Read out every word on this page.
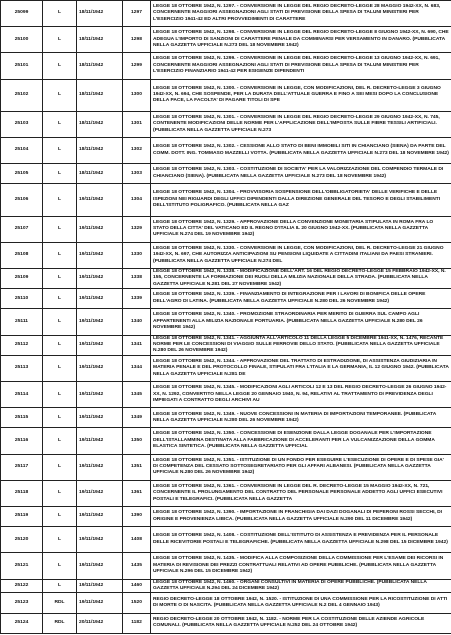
25099	L	18/11/1942	1297	LEGGE 18 OTTOBRE 1942, N. 1297. - CONVERSIONE IN LEGGE DEL REGIO DECRETO-LEGGE 28 MAGGIO 1942-XX, N. 683, CONCERNENTE MAGGIORI ASSEGNAZIONI AGLI STATI DI PREVISIONE DELLA SPESA DI TALUNI MINISTERI PER L'ESERCIZIO 1941-42 ED ALTRI PROVVEDIMENTI DI CARATTERE
25100	L	18/11/1942	1298	LEGGE 18 OTTOBRE 1942, N. 1298. - CONVERSIONE IN LEGGE DEL REGIO DECRETO-LEGGE 8 GIUGNO 1942-XX, N. 690, CHE ADEGUA L'IMPORTO DI SANZIONI DI CARATTERE PENALE DA COMMINARSI PER VERSAMENTO IN DANARO. (PUBBLICATA NELLA GAZZETTA UFFICIALE N.273 DEL 18 NOVEMBRE 1942)
25101	L	18/11/1942	1299	LEGGE 18 OTTOBRE 1942, N. 1299. - CONVERSIONE IN LEGGE DEL REGIO DECRETO-LEGGE 13 GIUGNO 1942-XX, N. 691, CONCERNENTE MAGGIORI ASSEGNAZIONI AGLI STATI DI PREVISIONE DELLA SPESA DI TALUNI MINISTERI PER L'ESERCIZIO FINANZIARIO 1941-42 PER ESIGENZE DIPENDENTI
25102	L	18/11/1942	1300	LEGGE 18 OTTOBRE 1942, N. 1300. - CONVERSIONE IN LEGGE, CON MODIFICAZIONI, DEL R. DECRETO-LEGGE 3 GIUGNO 1942-XX, N. 694, CHE SOSPENDE, PER LA DURATA DELL'ATTUALE GUERRA E FINO A SEI MESI DOPO LA CONCLUSIONE DELLA PACE, LA FACOLTA' DI PAGARE TITOLI DI SPE
25103	L	18/11/1942	1301	LEGGE 18 OTTOBRE 1942, N. 1301. - CONVERSIONE IN LEGGE DEL REGIO DECRETO-LEGGE 29 GIUGNO 1942-XX, N. 745, CONTENENTE MODIFICAZIONI DELLE NORME PER L'APPLICAZIONE DELL'IMPOSTA SULLE FIBRE TESSILI ARTIFICIALI. (PUBBLICATA NELLA GAZZETTA UFFICIALE N.273
25104	L	18/11/1942	1302	LEGGE 18 OTTOBRE 1942, N. 1302. - CESSIONE ALLO STATO DI BENI IMMOBILI SITI IN CHIANCIANO (SIENA) DA PARTE DEL COMM. DOTT. ING. TOMMASO MAZZELLI VOTTA. (PUBBLICATA NELLA GAZZETTA UFFICIALE N.273 DEL 18 NOVEMBRE 1942)
25105	L	18/11/1942	1303	LEGGE 18 OTTOBRE 1942, N. 1303. - COSTITUZIONE DI SOCIETA' PER LA VALORIZZAZIONE DEL COMPENDIO TERMALE DI CHIANCIANO (SIENA). (PUBBLICATA NELLA GAZZETTA UFFICIALE N.273 DEL 18 NOVEMBRE 1942)
25106	L	19/11/1942	1304	LEGGE 18 OTTOBRE 1942, N. 1304. - PROVVISORIA SOSPENSIONE DELL'OBBLIGATORIETA' DELLE VERIFICHE E DELLE ISPEZIONI NEI RIGUARDI DEGLI UFFICI DIPENDENTI DALLA DIREZIONE GENERALE DEL TESORO E DEGLI STABILIMENTI DELL'ISTITUTO POLIGRAFICO. (PUBBLICATA NELLA GAZ
25107	L	19/11/1942	1329	LEGGE 18 OTTOBRE 1942, N. 1329. - APPROVAZIONE DELLA CONVENZIONE MONETARIA STIPULATA IN ROMA FRA LO STATO DELLA CITTA' DEL VATICANO ED IL REGNO D'ITALIA IL 20 GIUGNO 1942-XX. (PUBBLICATA NELLA GAZZETTA UFFICIALE N.274 DEL 19 NOVEMBRE 1942)
25108	L	19/11/1942	1330	LEGGE 18 OTTOBRE 1942, N. 1330. - CONVERSIONE IN LEGGE, CON MODIFICAZIONI, DEL R. DECRETO-LEGGE 21 GIUGNO 1942-XX, N. 697, CHE AUTORIZZA ANTICIPAZIONI SU PENSIONI LIQUIDATE A CITTADINI ITALIANI DA PAESI STRANIERI. (PUBBLICATA NELLA GAZZETTA UFFICIALE N.274 DEL
25109	L	19/11/1942	1338	LEGGE 18 OTTOBRE 1942, N. 1338. - MODIFICAZIONE DELL'ART. 16 DEL REGIO DECRETO-LEGGE 15 FEBBRAIO 1942-XX, N. 155, CONCERNENTE LA FORMAZIONE DEI RUOLI DELLA MILIZIA NAZIONALE DELLA STRADA. (PUBBLICATA NELLA GAZZETTA UFFICIALE N.281 DEL 27 NOVEMBRE 1942)
25110	L	19/11/1942	1339	LEGGE 18 OTTOBRE 1942, N. 1339. - FINANZIAMENTO DI INTEGRAZIONE PER I LAVORI DI BONIFICA DELLE OPERE DELL'AGRO DI LATINA. (PUBBLICATA NELLA GAZZETTA UFFICIALE N.280 DEL 26 NOVEMBRE 1942)
25111	L	19/11/1942	1340	LEGGE 18 OTTOBRE 1942, N. 1340. - PROMOZIONE STRAORDINARIA PER MERITO DI GUERRA SUL CAMPO AGLI APPARTENENTI ALLA MILIZIA NAZIONALE PORTUARIA. (PUBBLICATA NELLA GAZZETTA UFFICIALE N.280 DEL 26 NOVEMBRE 1942)
25112	L	19/11/1942	1341	LEGGE 18 OTTOBRE 1942, N. 1341. - AGGIUNTA ALL'ARTICOLO 11 DELLA LEGGE 5 DICEMBRE 1941-XX, N. 1476, RECANTE NORME PER LE CONCESSIONI DI VIAGGIO SULLE FERROVIE DELLO STATO. (PUBBLICATA NELLA GAZZETTA UFFICIALE N.280 DEL 26 NOVEMBRE 1942)
25113	L	19/11/1942	1344	LEGGE 18 OTTOBRE 1942, N. 1344. - APPROVAZIONE DEL TRATTATO DI ESTRADIZIONE, DI ASSISTENZA GIUDIZIARIA IN MATERIA PENALE E DEL PROTOCOLLO FINALE, STIPULATI FRA L'ITALIA E LA GERMANIA, IL 12 GIUGNO 1942. (PUBBLICATA NELLA GAZZETTA UFFICIALE N.281 DE
25114	L	19/11/1942	1345	LEGGE 18 OTTOBRE 1942, N. 1345. - MODIFICAZIONI AGLI ARTICOLI 12 E 13 DEL REGIO DECRETO-LEGGE 26 GIUGNO 1942-XX, N. 1292, CONVERTITO NELLA LEGGE 20 GENNAIO 1940, N. 94, RELATIVI AL TRATTAMENTO DI PREVIDENZA DEGLI IMPIEGATI A CONTRATTO DEGLI ARCHIVI AU
25115	L	19/11/1942	1349	LEGGE 18 OTTOBRE 1942, N. 1349. - NUOVE CONCESSIONI IN MATERIA DI IMPORTAZIONI TEMPORANEE. (PUBBLICATA NELLA GAZZETTA UFFICIALE N.280 DEL 26 NOVEMBRE 1942)
25116	L	19/11/1942	1350	LEGGE 18 OTTOBRE 1942, N. 1350. - CONCESSIONE DI ESENZIONE DALLA LEGGE DOGANALE PER L'IMPORTAZIONE DELL'ISTALLAMMINA DESTINATA ALLA FABBRICAZIONE DI ACCELERANTI PER LA VULCANIZZAZIONE DELLA GOMMA ELASTICA SINTETICA. (PUBBLICATA NELLA GAZZETTA UFFICIAL
25117	L	19/11/1942	1351	LEGGE 18 OTTOBRE 1942, N. 1351. - ISTITUZIONE DI UN FONDO PER ESEGUIRE L'ESECUZIONE DI OPERE E DI SPESE GIA' DI COMPETENZA DEL CESSATO SOTTOSEGRETARIATO PER GLI AFFARI ALBANESI. (PUBBLICATA NELLA GAZZETTA UFFICIALE N.280 DEL 26 NOVEMBRE 1942)
25118	L	19/11/1942	1361	LEGGE 18 OTTOBRE 1942, N. 1361. - CONVERSIONE IN LEGGE DEL R. DECRETO-LEGGE 15 MAGGIO 1942-XX, N. 721, CONCERNENTE IL PROLUNGAMENTO DEL CONTRATTO DEL PERSONALE PERSONALE ADDETTO AGLI UFFICI ESECUTIVI POSTALI E TELEGRAFICI. (PUBBLICATA NELLA GAZZETTA
25119	L	19/11/1942	1390	LEGGE 18 OTTOBRE 1942, N. 1390. - IMPORTAZIONE IN FRANCHIGIA DAI DAZI DOGANALI DI PEPERONI ROSSI SECCHI, DI ORIGINE E PROVENIENZA LIBICA. (PUBBLICATA NELLA GAZZETTA UFFICIALE N.290 DEL 11 DICEMBRE 1942)
25120	L	19/11/1942	1408	LEGGE 18 OTTOBRE 1942, N. 1408. - COSTITUZIONE DELL'ISTITUTO DI ASSISTENZA E PREVIDENZA PER IL PERSONALE DELLE RICEVITORIE POSTALI E TELEGRAFICHE. (PUBBLICATA NELLA GAZZETTA UFFICIALE N.298 DEL 15 DICEMBRE 1942)
25121	L	19/11/1942	1435	LEGGE 18 OTTOBRE 1942, N. 1435. - MODIFICA ALLA COMPOSIZIONE DELLA COMMISSIONE PER L'ESAME DEI RICORSI IN MATERIA DI REVISIONE DEI PREZZI CONTRATTUALI RELATIVI AD OPERE PUBBLICHE. (PUBBLICATA NELLA GAZZETTA UFFICIALE N.296 DEL 15 DICEMBRE 1942)
25122	L	19/11/1942	1460	LEGGE 18 OTTOBRE 1942, N. 1460. - ORGANI CONSULTIVI IN MATERIA DI OPERE PUBBLICHE. (PUBBLICATA NELLA GAZZETTA UFFICIALE N.294 DEL 24 DICEMBRE 1942)
25123	RDL	19/11/1942	1520	REGIO DECRETO-LEGGE 18 OTTOBRE 1942, N. 1520. - ISTITUZIONE DI UNA COMMISSIONE PER LA RICOSTITUZIONE DI ATTI DI MORTE O DI NASCITA. (PUBBLICATA NELLA GAZZETTA UFFICIALE N.2 DEL 4 GENNAIO 1943)
25124	RDL	20/11/1942	1182	REGIO DECRETO-LEGGE 20 OTTOBRE 1942, N. 1182. - NORME PER LA COSTITUZIONE DELLE AZIENDE AGRICOLE COMUNALI. (PUBBLICATA NELLA GAZZETTA UFFICIALE N.252 DEL 24 OTTOBRE 1942)
